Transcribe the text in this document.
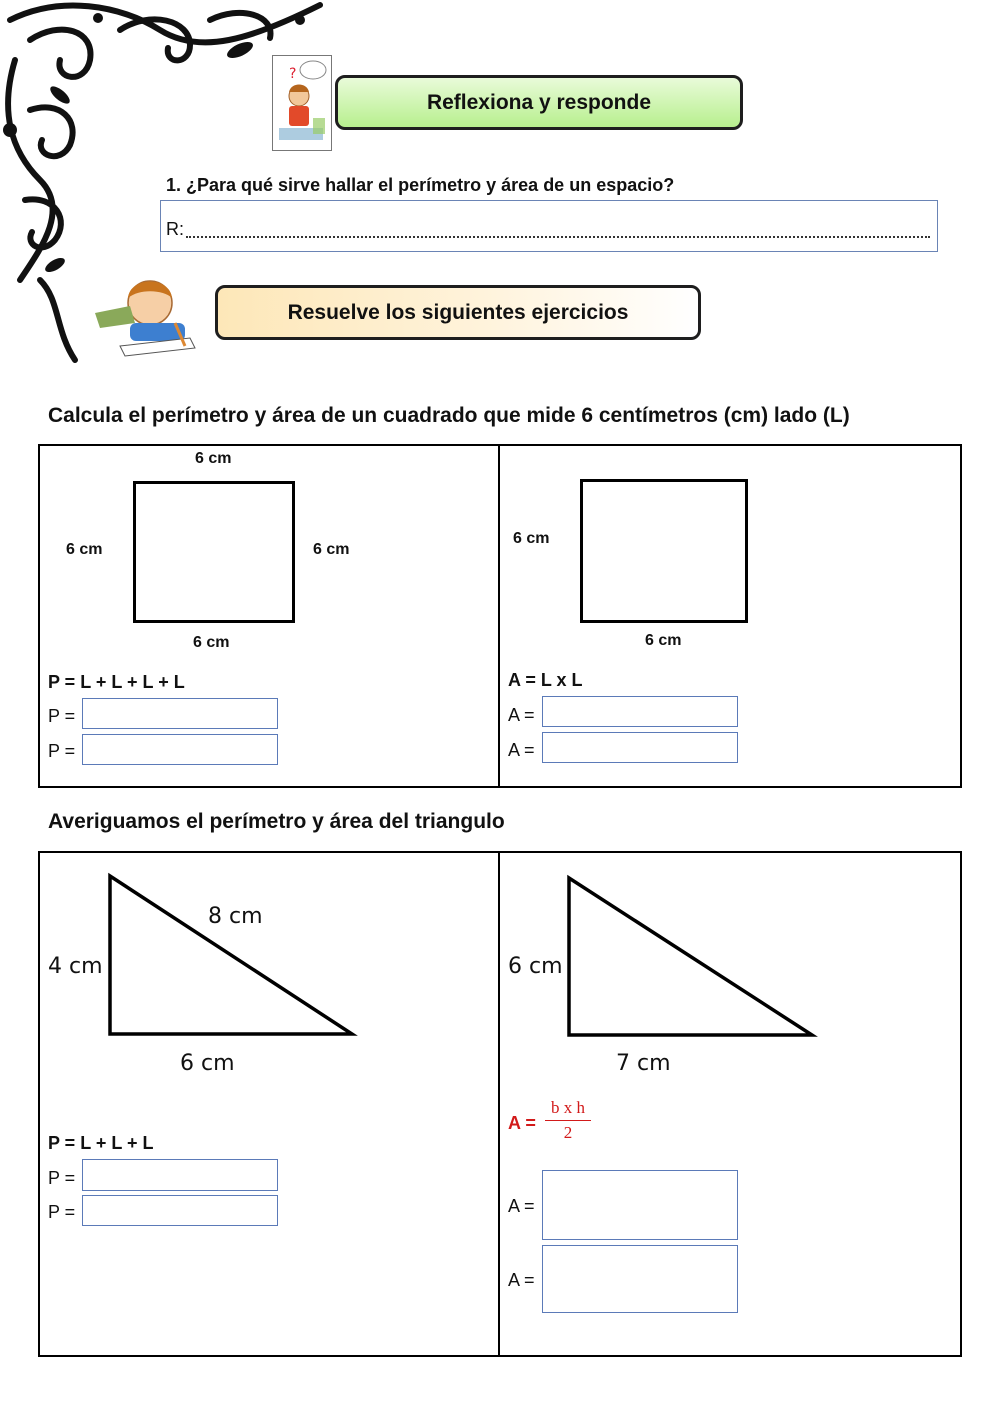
?
Reflexiona y responde
1. ¿Para qué sirve hallar el perímetro y área de un espacio?
R:
Resuelve los siguientes ejercicios
Calcula el perímetro y área de un cuadrado que mide 6 centímetros (cm) lado (L)
6 cm
6 cm	6 cm
6 cm
P = L + L + L + L
P =
P =
6 cm
6 cm
A = L x L
A =
A =
Averiguamos el perímetro y área del triangulo
8 cm
4 cm
6 cm
P = L + L + L
P =
P =
6 cm
7 cm
$A = \frac{\text{b x h}}{2}$
A =
A =
